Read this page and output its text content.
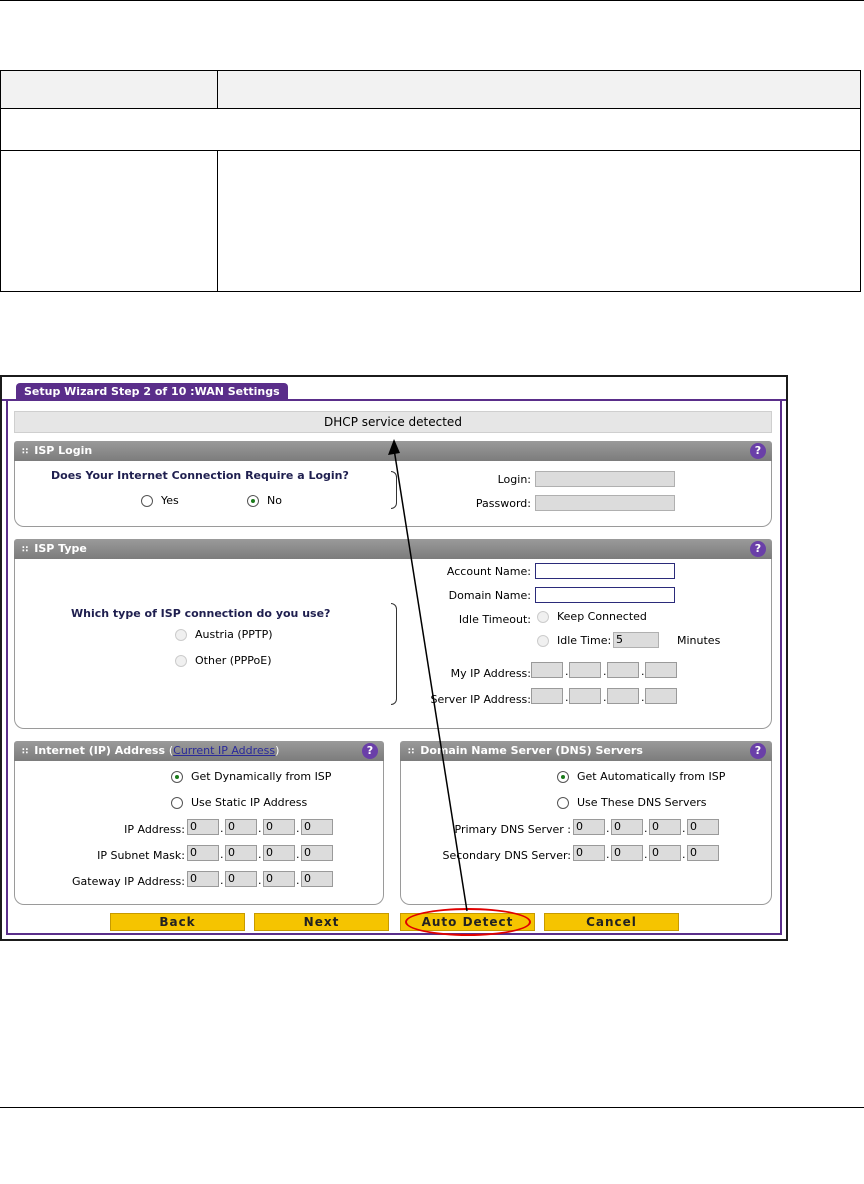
Setup Wizard Step 2 of 10 :WAN Settings
DHCP service detected
∷ ISP Login	?
Does Your Internet Connection Require a Login?
Yes	No
Login:
Password:
∷ ISP Type	?
Which type of ISP connection do you use?
Austria (PPTP)
Other (PPPoE)
Account Name:
Domain Name:
Idle Timeout: Keep Connected
Idle Time: 5	Minutes
My IP Address:	.	.	.
Server IP Address:	.	.	.
∷ Internet (IP) Address (Current IP Address)	?
Get Dynamically from ISP
Use Static IP Address
IP Address: 0	. 0	. 0	. 0
IP Subnet Mask: 0	. 0	. 0	. 0
Gateway IP Address: 0	. 0	. 0	. 0
∷ Domain Name Server (DNS) Servers	?
Get Automatically from ISP
Use These DNS Servers
Primary DNS Server : 0	. 0	. 0	. 0
Secondary DNS Server: 0	. 0	. 0	. 0
Back	Next	Auto Detect	Cancel
